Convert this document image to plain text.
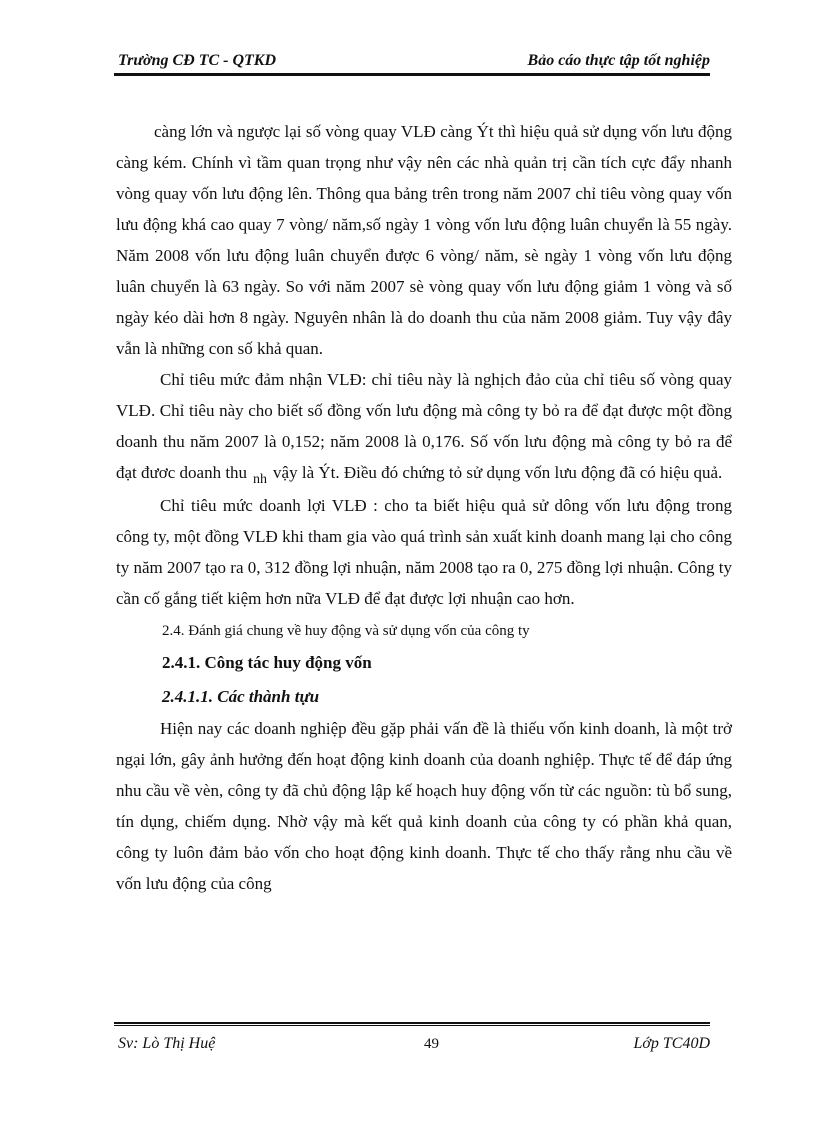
Trường CĐ TC - QTKD	Bảo cáo thực tập tốt nghiệp

càng lớn và ngược lại số vòng quay VLĐ càng Ýt thì hiệu quả sử dụng vốn lưu động càng kém. Chính vì tầm quan trọng như vậy nên các nhà quản trị cần tích cực đẩy nhanh vòng quay vốn lưu động lên. Thông qua bảng trên trong năm 2007 chỉ tiêu vòng quay vốn lưu động khá cao quay 7 vòng/ năm,số ngày 1 vòng vốn lưu động luân chuyển là 55 ngày. Năm 2008 vốn lưu động luân chuyển được 6 vòng/ năm, sè ngày 1 vòng vốn lưu động luân chuyển là 63 ngày. So với năm 2007 sè vòng quay vốn lưu động giảm 1 vòng và số ngày kéo dài hơn 8 ngày. Nguyên nhân là do doanh thu của năm 2008 giảm. Tuy vậy đây vẫn là những con số khả quan.

Chỉ tiêu mức đảm nhận VLĐ: chỉ tiêu này là nghịch đảo của chỉ tiêu số vòng quay VLĐ. Chỉ tiêu này cho biết số đồng vốn lưu động mà công ty bỏ ra để đạt được một đồng doanh thu năm 2007 là 0,152; năm 2008 là 0,176. Số vốn lưu động mà công ty bỏ ra để đạt đươc doanh thu $_{nh}$ vậy là Ýt. Điều đó chứng tỏ sử dụng vốn lưu động đã có hiệu quả.

Chỉ tiêu mức doanh lợi VLĐ : cho ta biết hiệu quả sử dông vốn lưu động trong công ty, một đồng VLĐ khi tham gia vào quá trình sản xuất kinh doanh mang lại cho công ty năm 2007 tạo ra 0, 312 đồng lợi nhuận, năm 2008 tạo ra 0, 275 đồng lợi nhuận. Công ty cần cố gắng tiết kiệm hơn nữa VLĐ để đạt được lợi nhuận cao hơn.

2.4. Đánh giá chung về huy động và sử dụng vốn của công ty

2.4.1. Công tác huy động vốn

2.4.1.1. Các thành tựu

Hiện nay các doanh nghiệp đều gặp phải vấn đề là thiếu vốn kinh doanh, là một trở ngại lớn, gây ảnh hưởng đến hoạt động kinh doanh của doanh nghiệp. Thực tế để đáp ứng nhu cầu về vèn, công ty đã chủ động lập kế hoạch huy động vốn từ các nguồn: tù bổ sung, tín dụng, chiếm dụng. Nhờ vậy mà kết quả kinh doanh của công ty có phần khả quan, công ty luôn đảm bảo vốn cho hoạt động kinh doanh. Thực tế cho thấy rằng nhu cầu về vốn lưu động của công

Sv: Lò Thị Huệ	49	Lớp TC40D
